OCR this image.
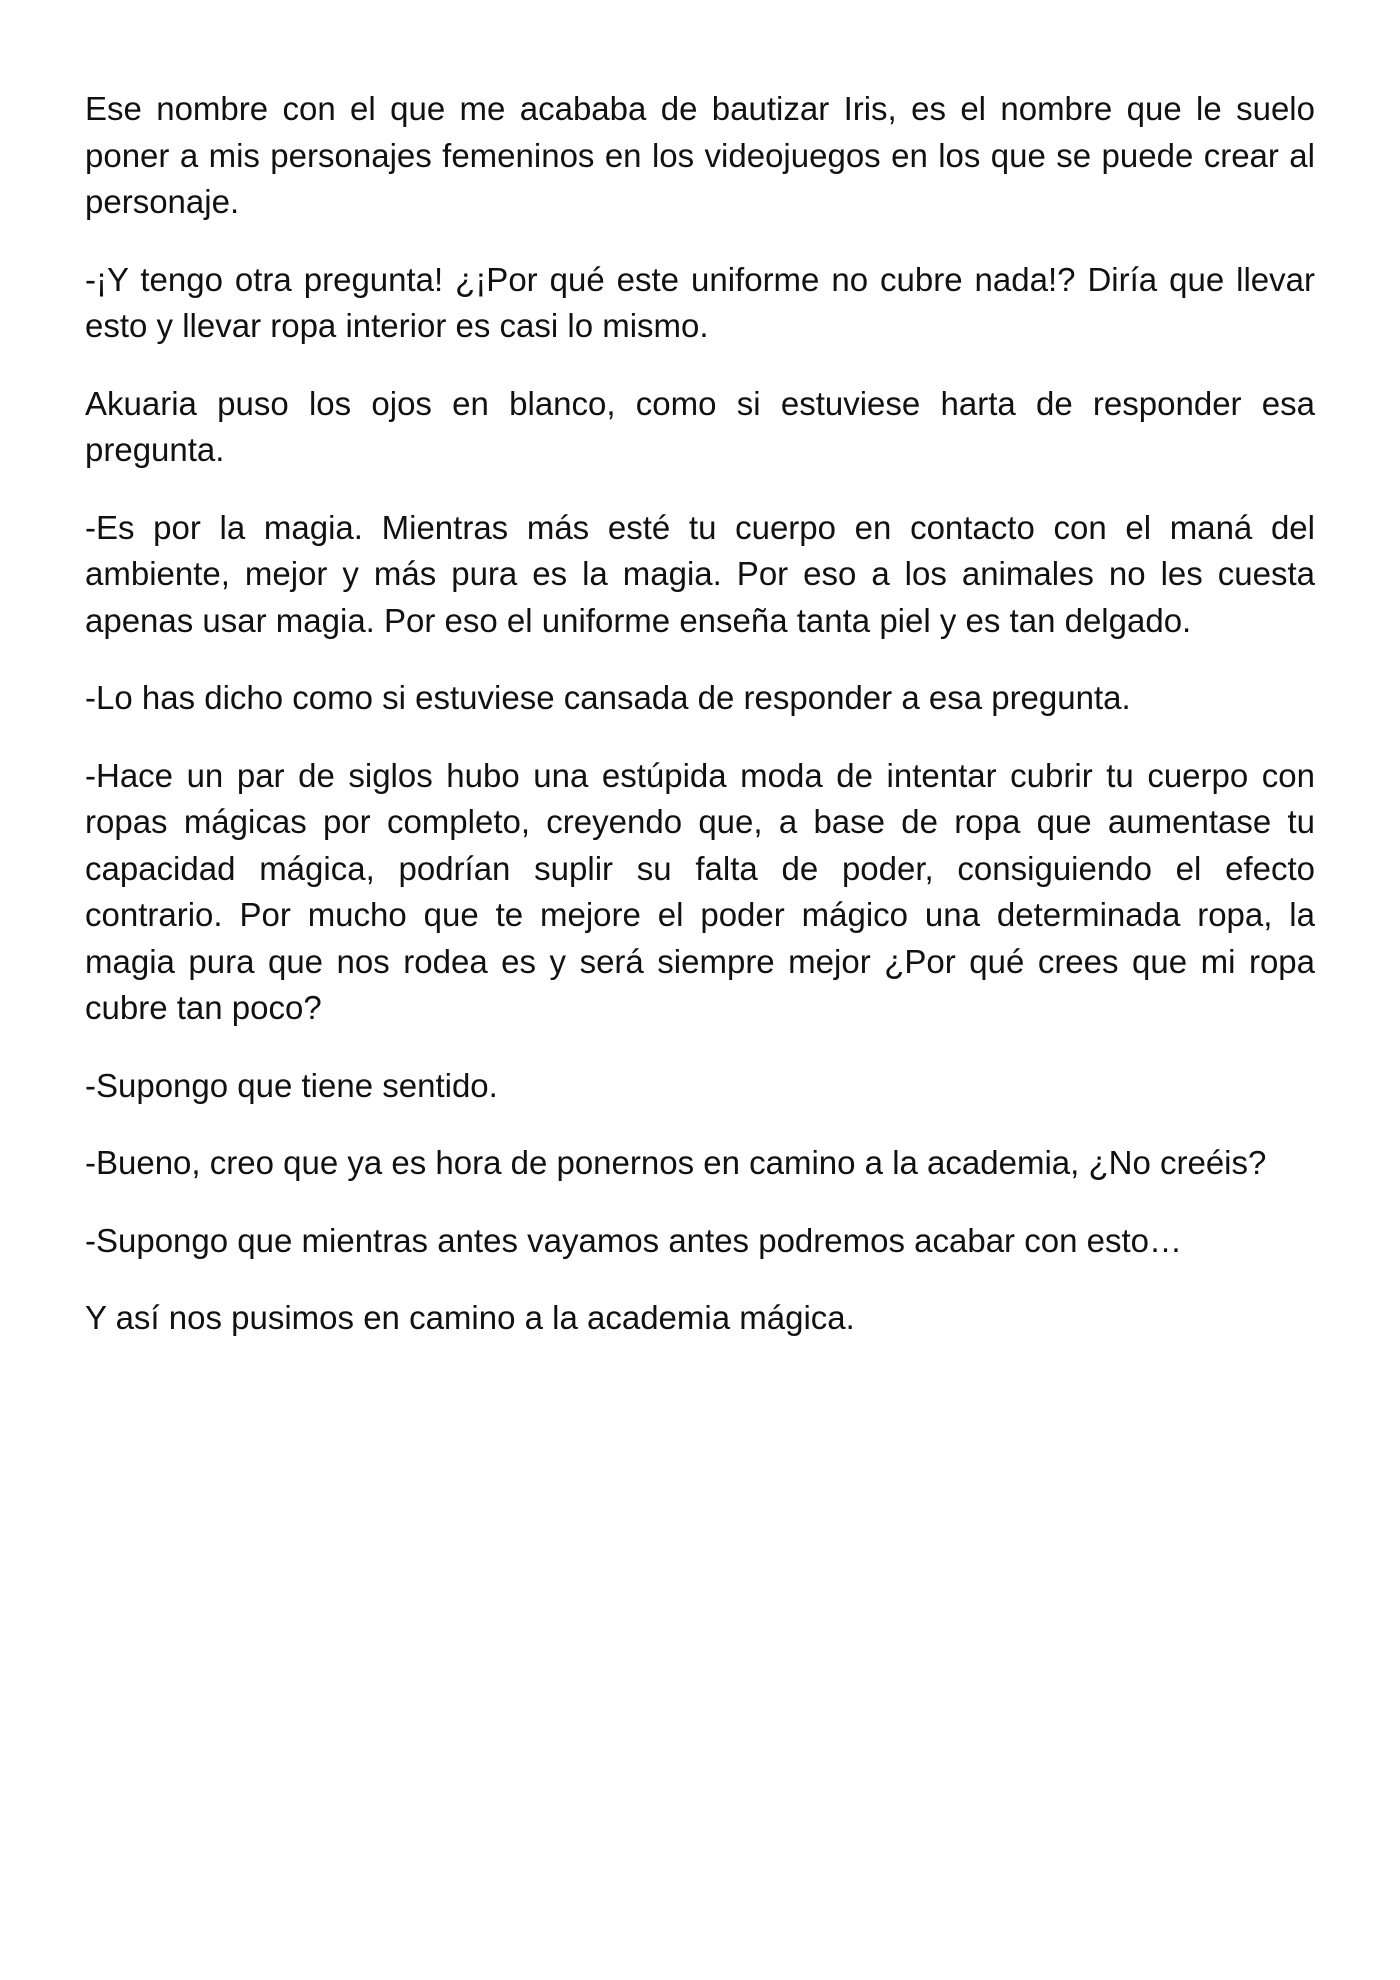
Ese nombre con el que me acababa de bautizar Iris, es el nombre que le suelo poner a mis personajes femeninos en los videojuegos en los que se puede crear al personaje.

-¡Y tengo otra pregunta! ¿¡Por qué este uniforme no cubre nada!? Diría que llevar esto y llevar ropa interior es casi lo mismo.

Akuaria puso los ojos en blanco, como si estuviese harta de responder esa pregunta.

-Es por la magia. Mientras más esté tu cuerpo en contacto con el maná del ambiente, mejor y más pura es la magia. Por eso a los animales no les cuesta apenas usar magia. Por eso el uniforme enseña tanta piel y es tan delgado.

-Lo has dicho como si estuviese cansada de responder a esa pregunta.

-Hace un par de siglos hubo una estúpida moda de intentar cubrir tu cuerpo con ropas mágicas por completo, creyendo que, a base de ropa que aumentase tu capacidad mágica, podrían suplir su falta de poder, consiguiendo el efecto contrario. Por mucho que te mejore el poder mágico una determinada ropa, la magia pura que nos rodea es y será siempre mejor ¿Por qué crees que mi ropa cubre tan poco?

-Supongo que tiene sentido.

-Bueno, creo que ya es hora de ponernos en camino a la academia, ¿No creéis?

-Supongo que mientras antes vayamos antes podremos acabar con esto…

Y así nos pusimos en camino a la academia mágica.
